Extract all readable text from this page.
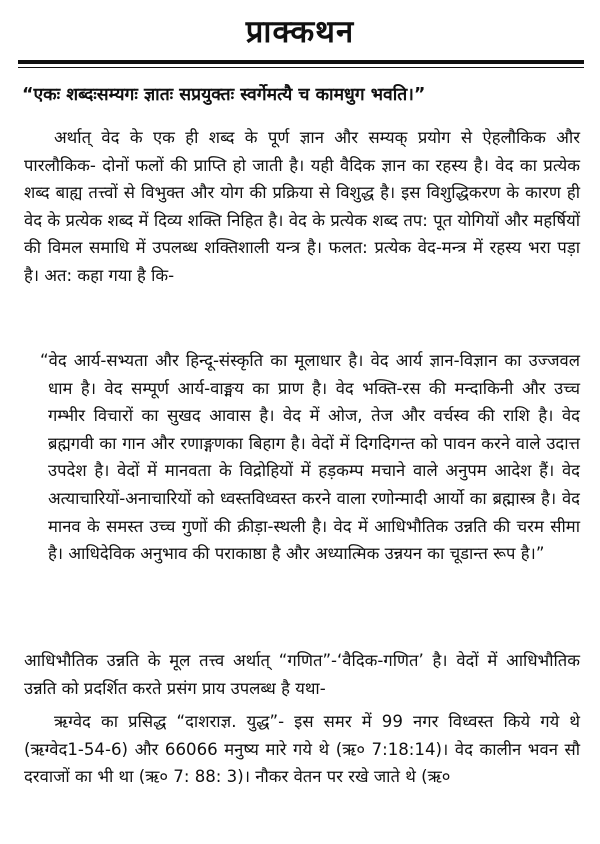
प्राक्कथन

“एकः शब्दःसम्यगः ज्ञातः सप्रयुक्तः स्वर्गेमत्यै च कामधुग भवति।”

अर्थात् वेद के एक ही शब्द के पूर्ण ज्ञान और सम्यक् प्रयोग से ऐहलौकिक और पारलौकिक- दोनों फलों की प्राप्ति हो जाती है। यही वैदिक ज्ञान का रहस्य है। वेद का प्रत्येक शब्द बाह्य तत्त्वों से विभुक्त और योग की प्रक्रिया से विशुद्ध है। इस विशुद्धिकरण के कारण ही वेद के प्रत्येक शब्द में दिव्य शक्ति निहित है। वेद के प्रत्येक शब्द तप: पूत योगियों और महर्षियों की विमल समाधि में उपलब्ध शक्तिशाली यन्त्र है। फलत: प्रत्येक वेद-मन्त्र में रहस्य भरा पड़ा है। अत: कहा गया है कि-

“वेद आर्य-सभ्यता और हिन्दू-संस्कृति का मूलाधार है। वेद आर्य ज्ञान-विज्ञान का उज्जवल धाम है। वेद सम्पूर्ण आर्य-वाङ्मय का प्राण है। वेद भक्ति-रस की मन्दाकिनी और उच्च गम्भीर विचारों का सुखद आवास है। वेद में ओज, तेज और वर्चस्व की राशि है। वेद ब्रह्मगवी का गान और रणाङ्गणका बिहाग है। वेदों में दिगदिगन्त को पावन करने वाले उदात्त उपदेश है। वेदों में मानवता के विद्रोहियों में हड़कम्प मचाने वाले अनुपम आदेश हैं। वेद अत्याचारियों-अनाचारियों को ध्वस्तविध्वस्त करने वाला रणोन्मादी आर्यो का ब्रह्मास्त्र है। वेद मानव के समस्त उच्च गुणों की क्रीड़ा-स्थली है। वेद में आधिभौतिक उन्नति की चरम सीमा है। आधिदेविक अनुभाव की पराकाष्ठा है और अध्यात्मिक उन्नयन का चूडान्त रूप है।”

आधिभौतिक उन्नति के मूल तत्त्व अर्थात् “गणित”-‘वैदिक-गणित’ है। वेदों में आधिभौतिक उन्नति को प्रदर्शित करते प्रसंग प्राय उपलब्ध है यथा-

ऋग्वेद का प्रसिद्ध “दाशराज्ञ. युद्ध”- इस समर में 99 नगर विध्वस्त किये गये थे (ऋग्वेद1-54-6) और 66066 मनुष्य मारे गये थे (ऋ० 7:18:14)। वेद कालीन भवन सौ दरवाजों का भी था (ऋ० 7: 88: 3)। नौकर वेतन पर रखे जाते थे (ऋ०
